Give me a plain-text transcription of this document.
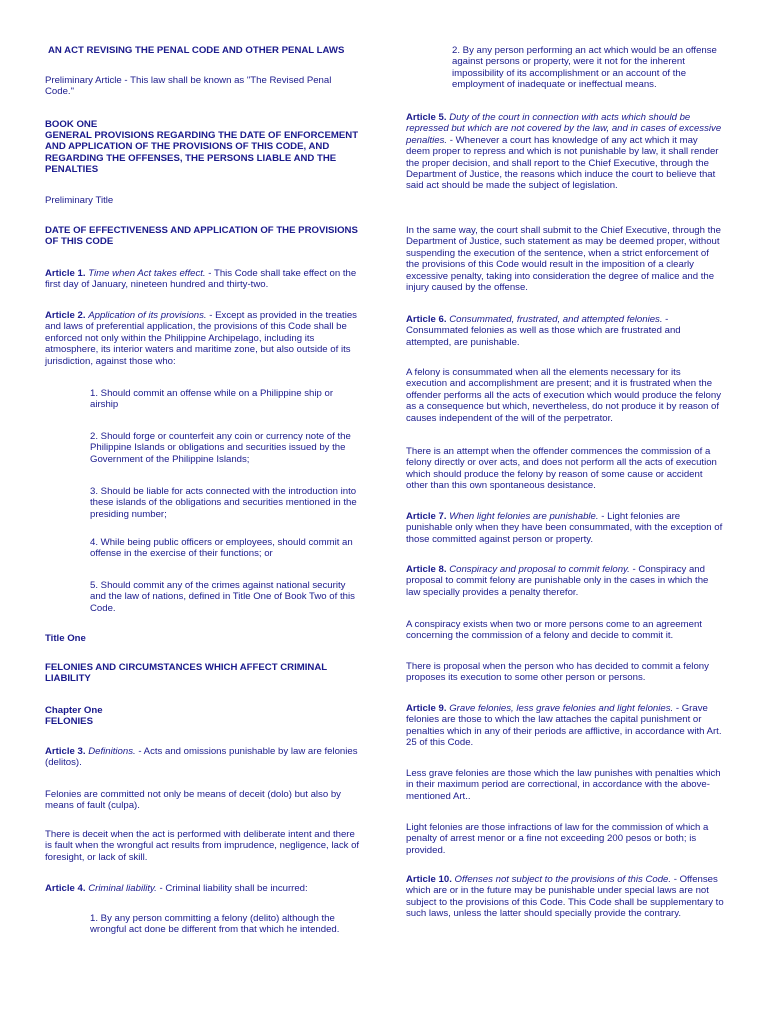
AN ACT REVISING THE PENAL CODE AND OTHER PENAL LAWS

Preliminary Article - This law shall be known as "The Revised Penal Code."

BOOK ONE

GENERAL PROVISIONS REGARDING THE DATE OF ENFORCEMENT AND APPLICATION OF THE PROVISIONS OF THIS CODE, AND REGARDING THE OFFENSES, THE PERSONS LIABLE AND THE PENALTIES

Preliminary Title

DATE OF EFFECTIVENESS AND APPLICATION OF THE PROVISIONS OF THIS CODE

Article 1. Time when Act takes effect. - This Code shall take effect on the first day of January, nineteen hundred and thirty-two.

Article 2. Application of its provisions. - Except as provided in the treaties and laws of preferential application, the provisions of this Code shall be enforced not only within the Philippine Archipelago, including its atmosphere, its interior waters and maritime zone, but also outside of its jurisdiction, against those who:

1. Should commit an offense while on a Philippine ship or airship

2. Should forge or counterfeit any coin or currency note of the Philippine Islands or obligations and securities issued by the Government of the Philippine Islands;

3. Should be liable for acts connected with the introduction into these islands of the obligations and securities mentioned in the presiding number;

4. While being public officers or employees, should commit an offense in the exercise of their functions; or

5. Should commit any of the crimes against national security and the law of nations, defined in Title One of Book Two of this Code.

Title One

FELONIES AND CIRCUMSTANCES WHICH AFFECT CRIMINAL LIABILITY

Chapter One

FELONIES

Article 3. Definitions. - Acts and omissions punishable by law are felonies (delitos).

Felonies are committed not only be means of deceit (dolo) but also by means of fault (culpa).

There is deceit when the act is performed with deliberate intent and there is fault when the wrongful act results from imprudence, negligence, lack of foresight, or lack of skill.

Article 4. Criminal liability. - Criminal liability shall be incurred:

1. By any person committing a felony (delito) although the wrongful act done be different from that which he intended.

2. By any person performing an act which would be an offense against persons or property, were it not for the inherent impossibility of its accomplishment or an account of the employment of inadequate or ineffectual means.

Article 5. Duty of the court in connection with acts which should be repressed but which are not covered by the law, and in cases of excessive penalties. - Whenever a court has knowledge of any act which it may deem proper to repress and which is not punishable by law, it shall render the proper decision, and shall report to the Chief Executive, through the Department of Justice, the reasons which induce the court to believe that said act should be made the subject of legislation.

In the same way, the court shall submit to the Chief Executive, through the Department of Justice, such statement as may be deemed proper, without suspending the execution of the sentence, when a strict enforcement of the provisions of this Code would result in the imposition of a clearly excessive penalty, taking into consideration the degree of malice and the injury caused by the offense.

Article 6. Consummated, frustrated, and attempted felonies. - Consummated felonies as well as those which are frustrated and attempted, are punishable.

A felony is consummated when all the elements necessary for its execution and accomplishment are present; and it is frustrated when the offender performs all the acts of execution which would produce the felony as a consequence but which, nevertheless, do not produce it by reason of causes independent of the will of the perpetrator.

There is an attempt when the offender commences the commission of a felony directly or over acts, and does not perform all the acts of execution which should produce the felony by reason of some cause or accident other than this own spontaneous desistance.

Article 7. When light felonies are punishable. - Light felonies are punishable only when they have been consummated, with the exception of those committed against person or property.

Article 8. Conspiracy and proposal to commit felony. - Conspiracy and proposal to commit felony are punishable only in the cases in which the law specially provides a penalty therefor.

A conspiracy exists when two or more persons come to an agreement concerning the commission of a felony and decide to commit it.

There is proposal when the person who has decided to commit a felony proposes its execution to some other person or persons.

Article 9. Grave felonies, less grave felonies and light felonies. - Grave felonies are those to which the law attaches the capital punishment or penalties which in any of their periods are afflictive, in accordance with Art. 25 of this Code.

Less grave felonies are those which the law punishes with penalties which in their maximum period are correctional, in accordance with the above-mentioned Art..

Light felonies are those infractions of law for the commission of which a penalty of arrest menor or a fine not exceeding 200 pesos or both; is provided.

Article 10. Offenses not subject to the provisions of this Code. - Offenses which are or in the future may be punishable under special laws are not subject to the provisions of this Code. This Code shall be supplementary to such laws, unless the latter should specially provide the contrary.
